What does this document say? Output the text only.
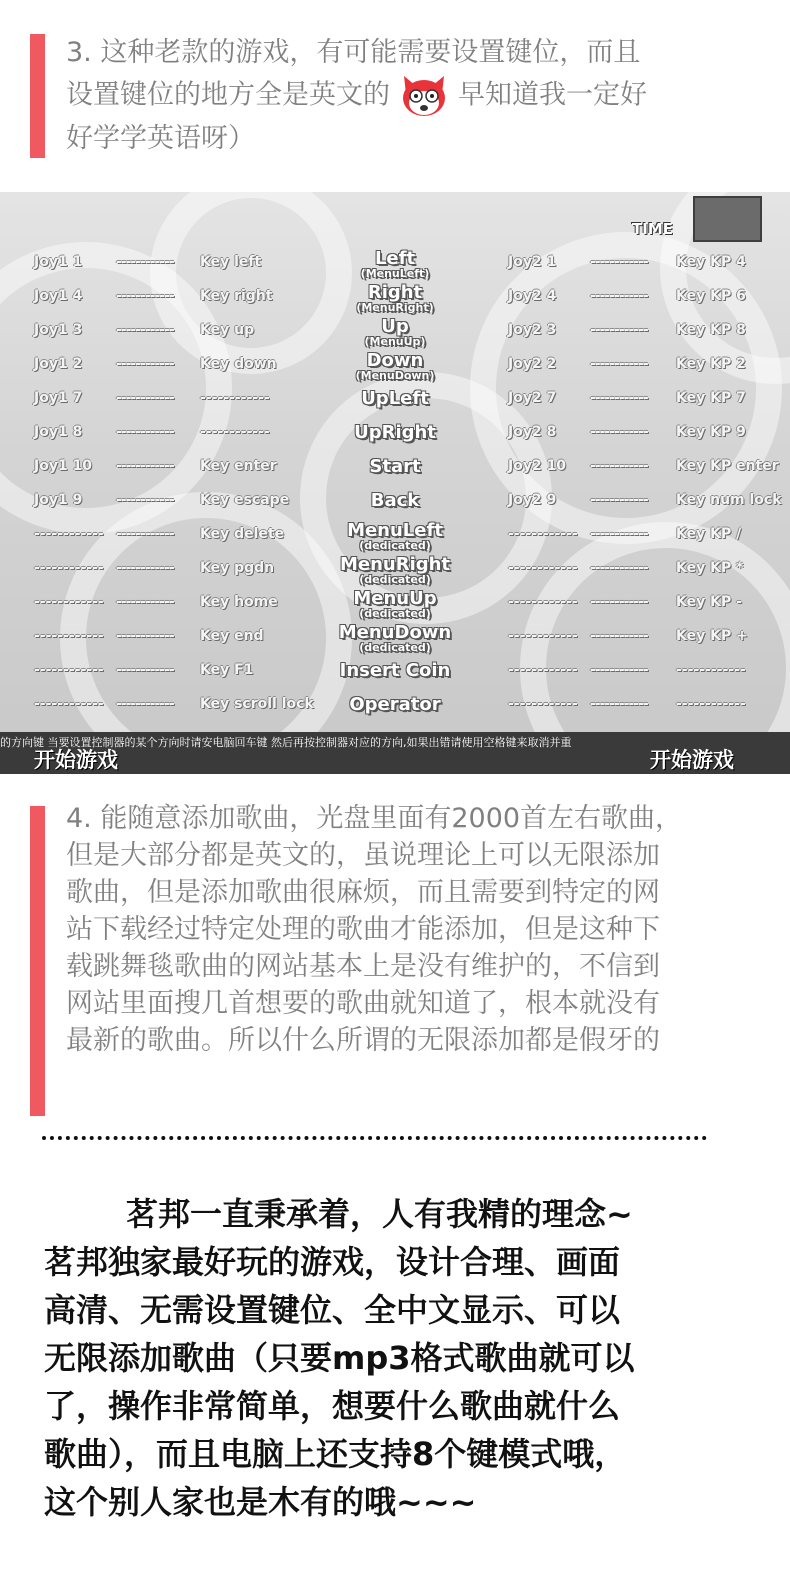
3. 这种老款的游戏，有可能需要设置键位，而且
设置键位的地方全是英文的	早知道我一定好
好学学英语呀）
TIME
Joy1 1 ------------ Key left
Joy1 4 ------------ Key right
Joy1 3 ------------ Key up
Joy1 2 ------------ Key down
Joy1 7 ------------ ------------
Joy1 8 ------------ ------------
Joy1 10 ------------ Key enter
Joy1 9 ------------ Key escape
------------ ------------ Key delete
------------ ------------ Key pgdn
------------ ------------ Key home
------------ ------------ Key end
------------ ------------ Key F1
------------ ------------ Key scroll lock
Joy2 1 ------------ Key KP 4
Joy2 4 ------------ Key KP 6
Joy2 3 ------------ Key KP 8
Joy2 2 ------------ Key KP 2
Joy2 7 ------------ Key KP 7
Joy2 8 ------------ Key KP 9
Joy2 10 ------------ Key KP enter
Joy2 9 ------------ Key num lock
------------ ------------ Key KP /
------------ ------------ Key KP *
------------ ------------ Key KP -
------------ ------------ Key KP +
------------ ------------ ------------
------------ ------------ ------------
Left
(MenuLeft)
Right
(MenuRight)
Up
(MenuUp)
Down
(MenuDown)
UpLeft
UpRight
Start
Back
MenuLeft
(dedicated)
MenuRight
(dedicated)
MenuUp
(dedicated)
MenuDown
(dedicated)
Insert Coin
Operator
的方向键 当要设置控制器的某个方向时请安电脑回车键 然后再按控制器对应的方向,如果出错请使用空格键来取消并重
开始游戏	开始游戏
4. 能随意添加歌曲，光盘里面有2000首左右歌曲，
但是大部分都是英文的，虽说理论上可以无限添加
歌曲，但是添加歌曲很麻烦，而且需要到特定的网
站下载经过特定处理的歌曲才能添加，但是这种下
载跳舞毯歌曲的网站基本上是没有维护的，不信到
网站里面搜几首想要的歌曲就知道了，根本就没有
最新的歌曲。所以什么所谓的无限添加都是假牙的
茗邦一直秉承着，人有我精的理念~
茗邦独家最好玩的游戏，设计合理、画面
高清、无需设置键位、全中文显示、可以
无限添加歌曲（只要mp3格式歌曲就可以
了，操作非常简单，想要什么歌曲就什么
歌曲），而且电脑上还支持8个键模式哦，
这个别人家也是木有的哦~~~
